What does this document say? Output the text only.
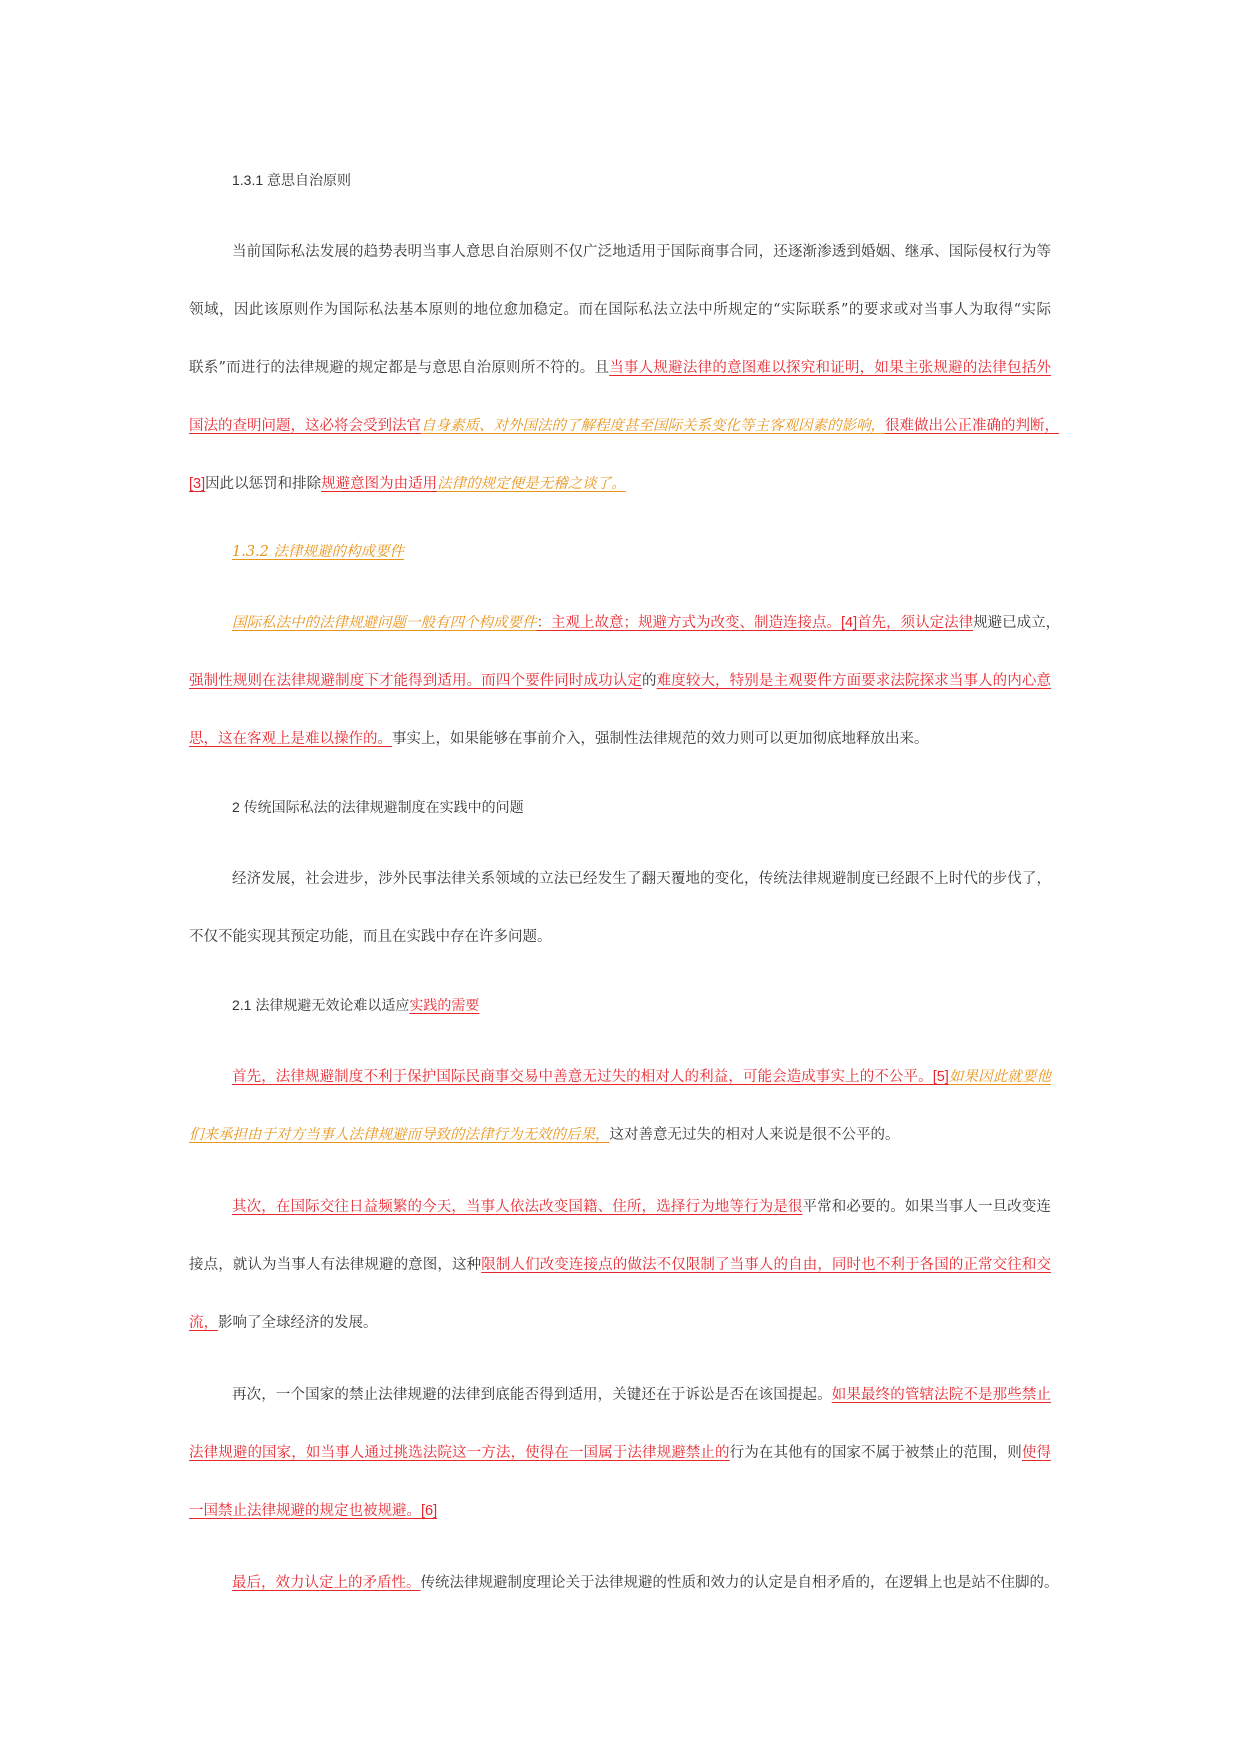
1.3.1 意思自治原则
当前国际私法发展的趋势表明当事人意思自治原则不仅广泛地适用于国际商事合同，还逐渐渗透到婚姻、继承、国际侵权行为等
领域，因此该原则作为国际私法基本原则的地位愈加稳定。而在国际私法立法中所规定的“实际联系”的要求或对当事人为取得“实际
联系”而进行的法律规避的规定都是与意思自治原则所不符的。且当事人规避法律的意图难以探究和证明，如果主张规避的法律包括外
国法的查明问题，这必将会受到法官自身素质、对外国法的了解程度甚至国际关系变化等主客观因素的影响，很难做出公正准确的判断，
[3]因此以惩罚和排除规避意图为由适用法律的规定便是无稽之谈了。
1.3.2 法律规避的构成要件
国际私法中的法律规避问题一般有四个构成要件：主观上故意；规避方式为改变、制造连接点。[4]首先，须认定法律规避已成立，
强制性规则在法律规避制度下才能得到适用。而四个要件同时成功认定的难度较大，特别是主观要件方面要求法院探求当事人的内心意
思，这在客观上是难以操作的。事实上，如果能够在事前介入，强制性法律规范的效力则可以更加彻底地释放出来。
2 传统国际私法的法律规避制度在实践中的问题
经济发展，社会进步，涉外民事法律关系领域的立法已经发生了翻天覆地的变化，传统法律规避制度已经跟不上时代的步伐了，
不仅不能实现其预定功能，而且在实践中存在许多问题。
2.1 法律规避无效论难以适应实践的需要
首先，法律规避制度不利于保护国际民商事交易中善意无过失的相对人的利益，可能会造成事实上的不公平。[5]如果因此就要他
们来承担由于对方当事人法律规避而导致的法律行为无效的后果，这对善意无过失的相对人来说是很不公平的。
其次，在国际交往日益频繁的今天，当事人依法改变国籍、住所，选择行为地等行为是很平常和必要的。如果当事人一旦改变连
接点，就认为当事人有法律规避的意图，这种限制人们改变连接点的做法不仅限制了当事人的自由，同时也不利于各国的正常交往和交
流，影响了全球经济的发展。
再次，一个国家的禁止法律规避的法律到底能否得到适用，关键还在于诉讼是否在该国提起。如果最终的管辖法院不是那些禁止
法律规避的国家，如当事人通过挑选法院这一方法，使得在一国属于法律规避禁止的行为在其他有的国家不属于被禁止的范围，则使得
一国禁止法律规避的规定也被规避。[6]
最后，效力认定上的矛盾性。传统法律规避制度理论关于法律规避的性质和效力的认定是自相矛盾的，在逻辑上也是站不住脚的。
